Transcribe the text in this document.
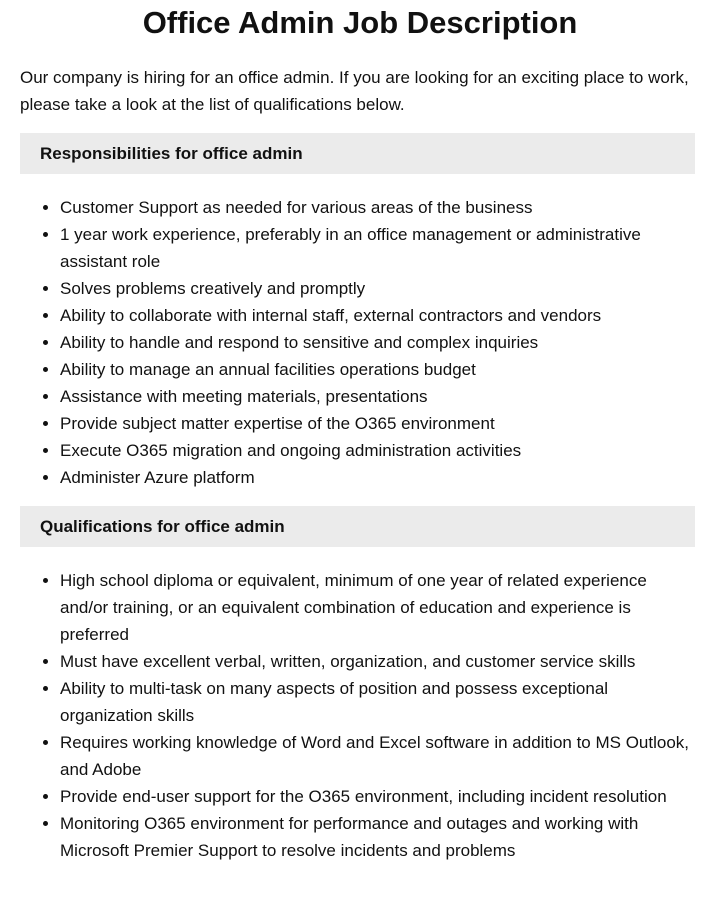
Office Admin Job Description

Our company is hiring for an office admin. If you are looking for an exciting place to work, please take a look at the list of qualifications below.

Responsibilities for office admin
• Customer Support as needed for various areas of the business
• 1 year work experience, preferably in an office management or administrative assistant role
• Solves problems creatively and promptly
• Ability to collaborate with internal staff, external contractors and vendors
• Ability to handle and respond to sensitive and complex inquiries
• Ability to manage an annual facilities operations budget
• Assistance with meeting materials, presentations
• Provide subject matter expertise of the O365 environment
• Execute O365 migration and ongoing administration activities
• Administer Azure platform
Qualifications for office admin
• High school diploma or equivalent, minimum of one year of related experience and/or training, or an equivalent combination of education and experience is preferred
• Must have excellent verbal, written, organization, and customer service skills
• Ability to multi-task on many aspects of position and possess exceptional organization skills
• Requires working knowledge of Word and Excel software in addition to MS Outlook, and Adobe
• Provide end-user support for the O365 environment, including incident resolution
• Monitoring O365 environment for performance and outages and working with Microsoft Premier Support to resolve incidents and problems
